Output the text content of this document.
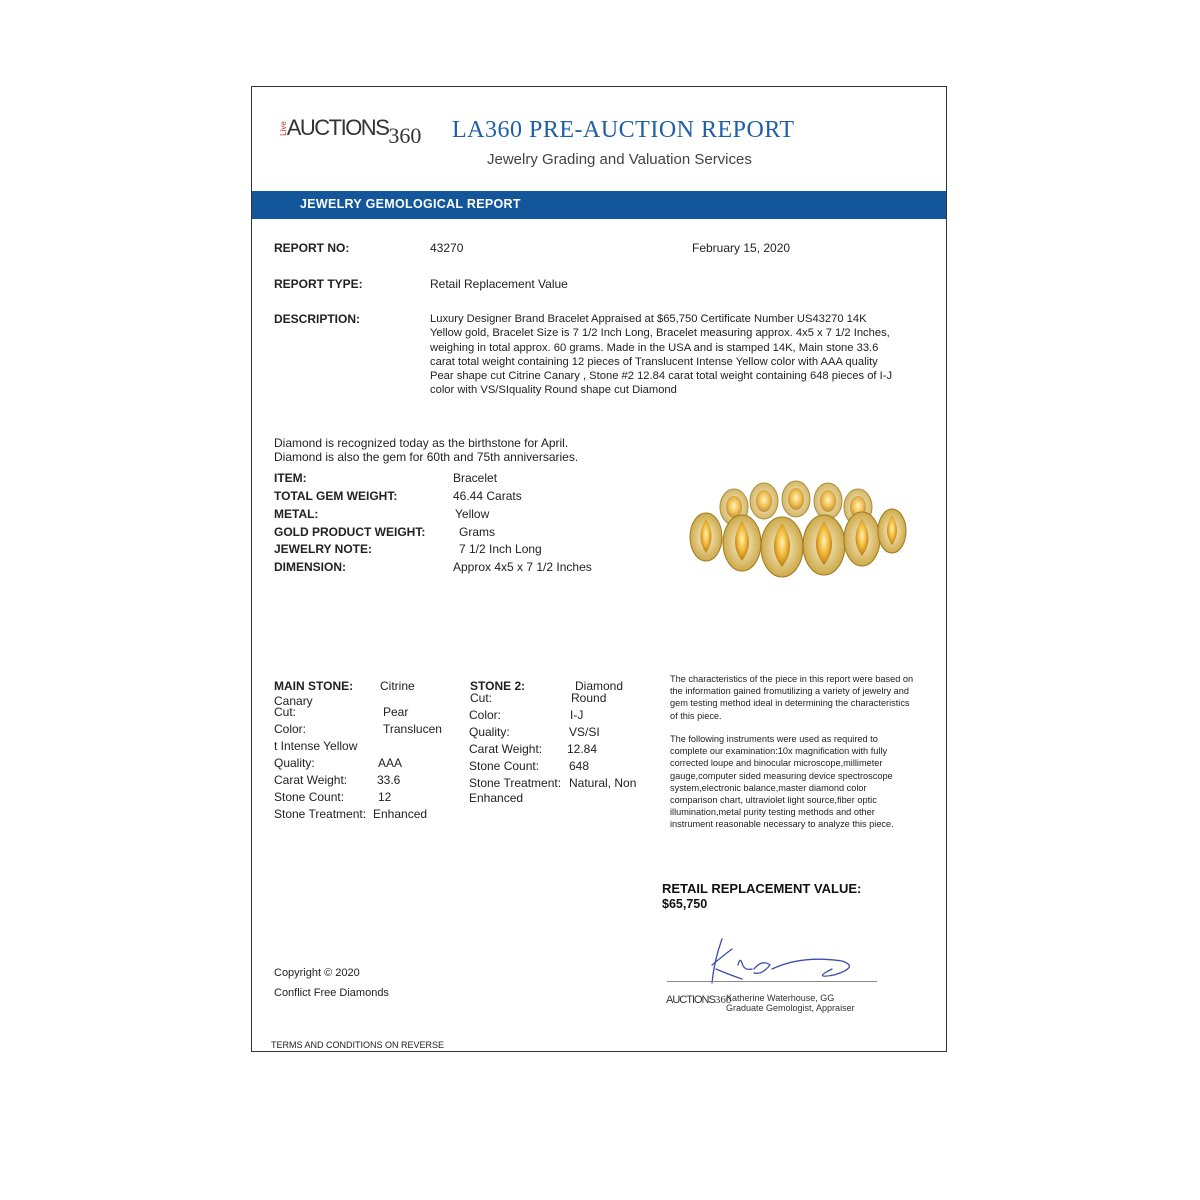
LiveAUCTIONS360 LA360 PRE-AUCTION REPORT
Jewelry Grading and Valuation Services
JEWELRY GEMOLOGICAL REPORT
REPORT NO:	43270	February 15, 2020
REPORT TYPE:	Retail Replacement Value
DESCRIPTION:	Luxury Designer Brand Bracelet Appraised at $65,750 Certificate Number US43270 14K Yellow gold, Bracelet Size is 7 1/2 Inch Long, Bracelet measuring approx. 4x5 x 7 1/2 Inches, weighing in total approx. 60 grams. Made in the USA and is stamped 14K, Main stone 33.6 carat total weight containing 12 pieces of Translucent Intense Yellow color with AAA quality Pear shape cut Citrine Canary , Stone #2 12.84 carat total weight containing 648 pieces of I-J color with VS/SIquality Round shape cut Diamond
Diamond is recognized today as the birthstone for April.
Diamond is also the gem for 60th and 75th anniversaries.
ITEM:	Bracelet
TOTAL GEM WEIGHT:	46.44 Carats
METAL:	Yellow
GOLD PRODUCT WEIGHT:	Grams
JEWELRY NOTE:	7 1/2 Inch Long
DIMENSION:	Approx 4x5 x 7 1/2 Inches
MAIN STONE: Citrine
Canary
Cut:	Pear
Color:	Translucen
t Intense Yellow
Quality:	AAA
Carat Weight: 33.6
Stone Count:	12
Stone Treatment: Enhanced
STONE 2:	Diamond
Cut:	Round
Color:	I-J
Quality:	VS/SI
Carat Weight: 12.84
Stone Count: 648
Stone Treatment: Natural, Non
Enhanced
The characteristics of the piece in this report were based on the information gained fromutilizing a variety of jewelry and gem testing method ideal in determining the characteristics of this piece.
The following instruments were used as required to complete our examination:10x magnification with fully corrected loupe and binocular microscope,millimeter gauge,computer sided measuring device spectroscope system,electronic balance,master diamond color comparison chart, ultraviolet light source,fiber optic illumination,metal purity testing methods and other instrument reasonable necessary to analyze this piece.
RETAIL REPLACEMENT VALUE:
$65,750
Copyright © 2020
Conflict Free Diamonds
AUCTIONS360
Katherine Waterhouse, GG
Graduate Gemologist, Appraiser
TERMS AND CONDITIONS ON REVERSE
